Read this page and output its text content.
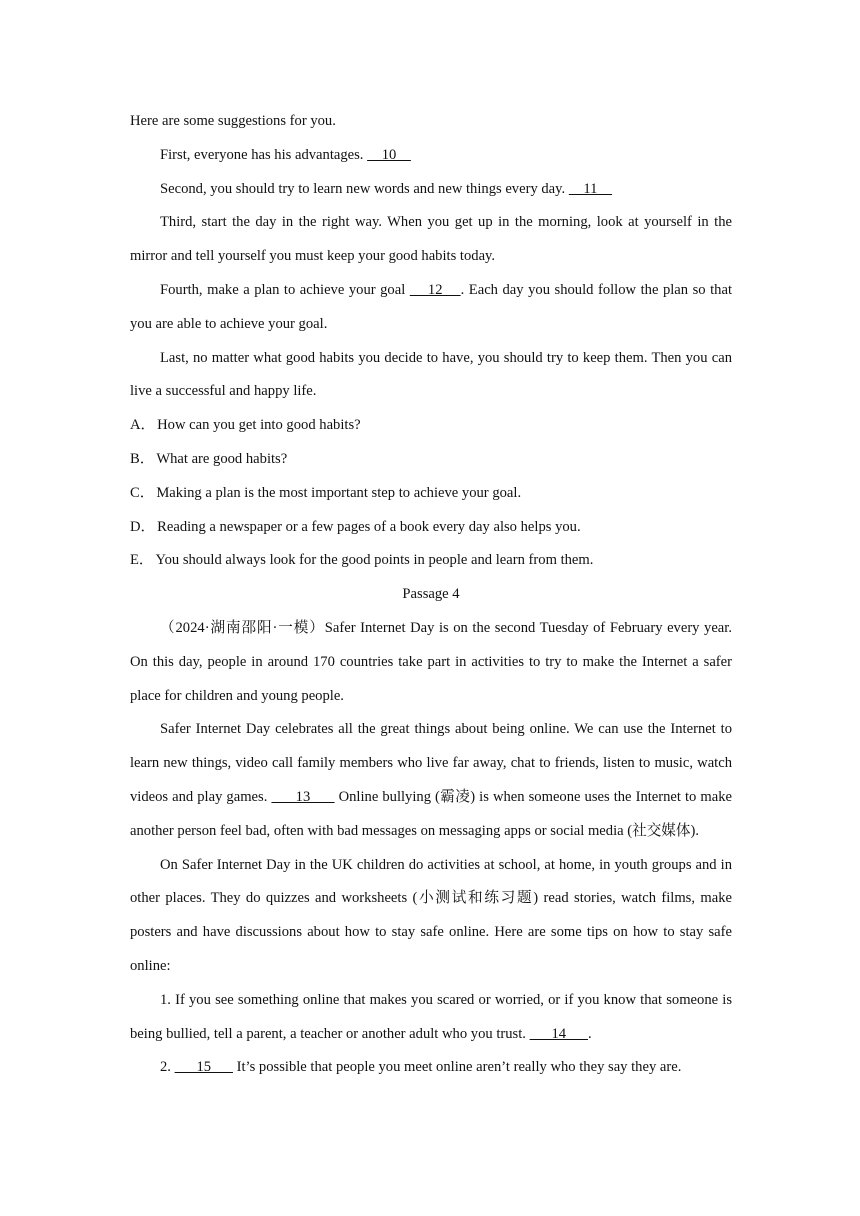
Here are some suggestions for you.

First, everyone has his advantages.     10

Second, you should try to learn new words and new things every day.     11

Third, start the day in the right way. When you get up in the morning, look at yourself in the mirror and tell yourself you must keep your good habits today.

Fourth, make a plan to achieve your goal     12    . Each day you should follow the plan so that you are able to achieve your goal.

Last, no matter what good habits you decide to have, you should try to keep them. Then you can live a successful and happy life.

A． How can you get into good habits?

B． What are good habits?

C． Making a plan is the most important step to achieve your goal.

D． Reading a newspaper or a few pages of a book every day also helps you.

E． You should always look for the good points in people and learn from them.

Passage 4

（2024·湖南邵阳·一模）Safer Internet Day is on the second Tuesday of February every year. On this day, people in around 170 countries take part in activities to try to make the Internet a safer place for children and young people.

Safer Internet Day celebrates all the great things about being online. We can use the Internet to learn new things, video call family members who live far away, chat to friends, listen to music, watch videos and play games.       13       Online bullying (霸凌) is when someone uses the Internet to make another person feel bad, often with bad messages on messaging apps or social media (社交媒体).

On Safer Internet Day in the UK children do activities at school, at home, in youth groups and in other places. They do quizzes and worksheets (小测试和练习题) read stories, watch films, make posters and have discussions about how to stay safe online. Here are some tips on how to stay safe online:

1. If you see something online that makes you scared or worried, or if you know that someone is being bullied, tell a parent, a teacher or another adult who you trust.       14      .

2.       15       It’s possible that people you meet online aren’t really who they say they are.
